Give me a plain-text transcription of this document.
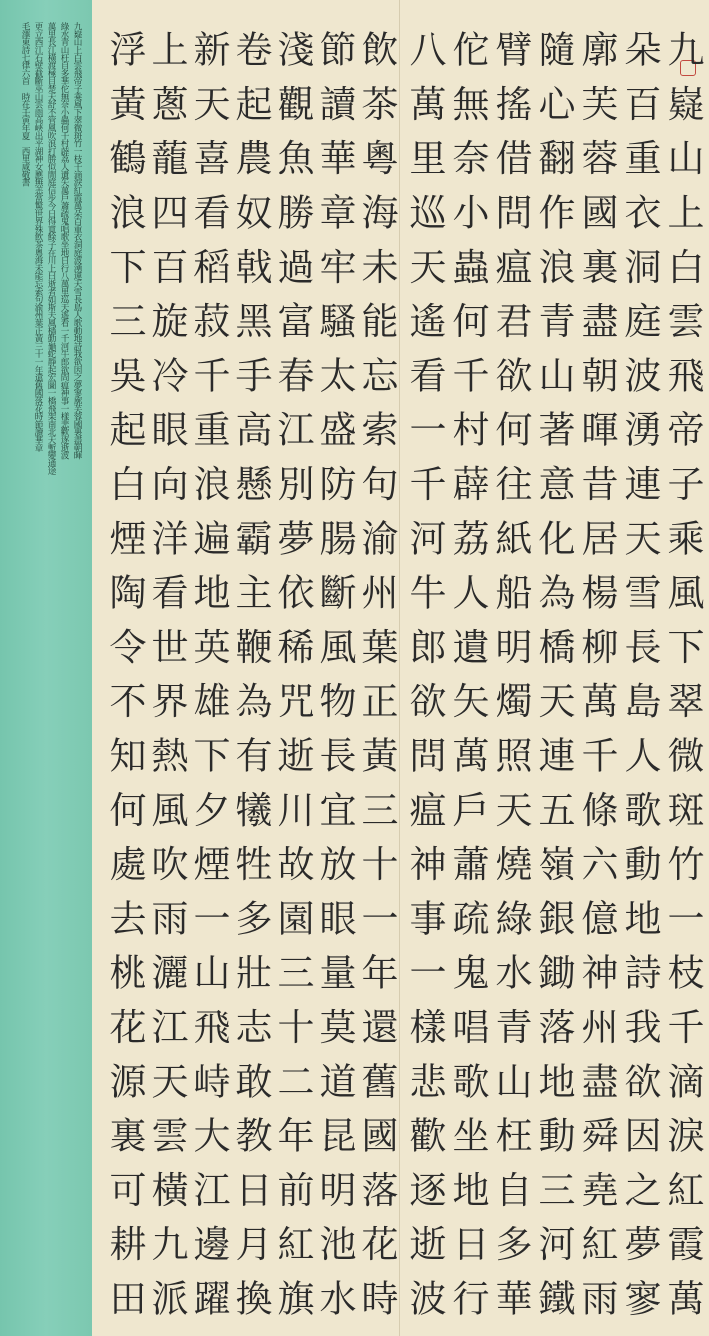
九嶷山上白雲飛帝子乘風下翠微斑竹一枝千滴淚紅霞萬朵百重衣洞庭波湧連天雪長島人歌動地詩我欲因之夢寥廓芙蓉國裏盡朝暉
綠水青山枉自多華佗無奈小蟲何千村薜荔人遺矢萬戶蕭疏鬼唱歌坐地日行八萬里巡天遙看一千河牛郎欲問瘟神事一樣悲歡逐逝波
萬里長江橫渡極目楚天舒不管風吹浪打勝似閒庭信步今日得寬餘子在川上曰逝者如斯夫風檣動龜蛇靜起宏圖一橋飛架南北天塹變通途
更立西江石壁截斷巫山雲雨高峽出平湖神女應無恙當驚世界殊飲茶粵海未能忘索句渝州葉正黃三十一年還舊國落花時節讀華章
毛澤東詩七律六首　時在壬寅年夏　西里咸敬書	九嶷山上白雲飛帝子乘風下翠微斑竹一枝千滴淚紅霞萬
朵百重衣洞庭波湧連天雪長島人歌動地詩我欲因之夢寥
廓芙蓉國裏盡朝暉昔居楊柳萬千條六億神州盡舜堯紅雨
隨心翻作浪青山著意化為橋天連五嶺銀鋤落地動三河鐵
臂搖借問瘟君欲何往紙船明燭照天燒綠水青山枉自多華
佗無奈小蟲何千村薜荔人遺矢萬戶蕭疏鬼唱歌坐地日行
八萬里巡天遙看一千河牛郎欲問瘟神事一樣悲歡逐逝波
飲茶粵海未能忘索句渝州葉正黃三十一年還舊國落花時
節讀華章牢騷太盛防腸斷風物長宜放眼量莫道昆明池水
淺觀魚勝過富春江別夢依稀咒逝川故園三十二年前紅旗
卷起農奴戟黑手高懸霸主鞭為有犧牲多壯志敢教日月換
新天喜看稻菽千重浪遍地英雄下夕煙一山飛峙大江邊躍
上蔥蘢四百旋冷眼向洋看世界熱風吹雨灑江天雲橫九派
浮黃鶴浪下三吳起白煙陶令不知何處去桃花源裏可耕田
